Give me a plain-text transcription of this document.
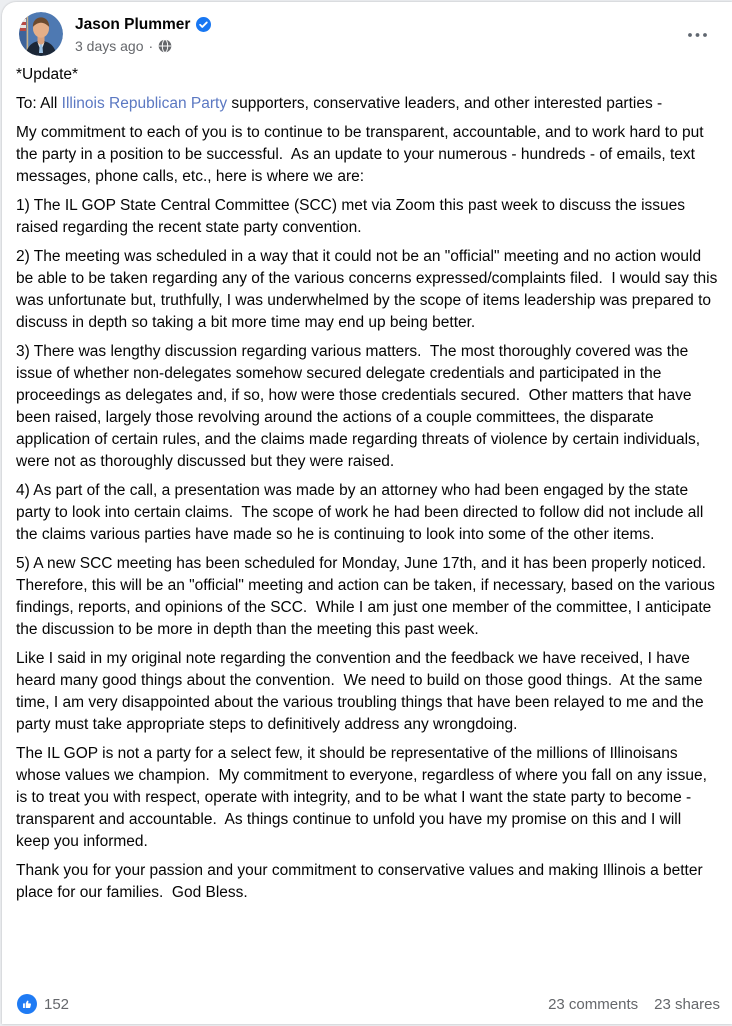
Jason Plummer
3 days ago ·

*Update*

To: All Illinois Republican Party supporters, conservative leaders, and other interested parties -

My commitment to each of you is to continue to be transparent, accountable, and to work hard to put the party in a position to be successful.  As an update to your numerous - hundreds - of emails, text messages, phone calls, etc., here is where we are:

1) The IL GOP State Central Committee (SCC) met via Zoom this past week to discuss the issues raised regarding the recent state party convention.

2) The meeting was scheduled in a way that it could not be an "official" meeting and no action would be able to be taken regarding any of the various concerns expressed/complaints filed.  I would say this was unfortunate but, truthfully, I was underwhelmed by the scope of items leadership was prepared to discuss in depth so taking a bit more time may end up being better.

3) There was lengthy discussion regarding various matters.  The most thoroughly covered was the issue of whether non-delegates somehow secured delegate credentials and participated in the proceedings as delegates and, if so, how were those credentials secured.  Other matters that have been raised, largely those revolving around the actions of a couple committees, the disparate application of certain rules, and the claims made regarding threats of violence by certain individuals, were not as thoroughly discussed but they were raised.

4) As part of the call, a presentation was made by an attorney who had been engaged by the state party to look into certain claims.  The scope of work he had been directed to follow did not include all the claims various parties have made so he is continuing to look into some of the other items.

5) A new SCC meeting has been scheduled for Monday, June 17th, and it has been properly noticed.  Therefore, this will be an "official" meeting and action can be taken, if necessary, based on the various findings, reports, and opinions of the SCC.  While I am just one member of the committee, I anticipate the discussion to be more in depth than the meeting this past week.

Like I said in my original note regarding the convention and the feedback we have received, I have heard many good things about the convention.  We need to build on those good things.  At the same time, I am very disappointed about the various troubling things that have been relayed to me and the party must take appropriate steps to definitively address any wrongdoing.

The IL GOP is not a party for a select few, it should be representative of the millions of Illinoisans whose values we champion.  My commitment to everyone, regardless of where you fall on any issue, is to treat you with respect, operate with integrity, and to be what I want the state party to become - transparent and accountable.  As things continue to unfold you have my promise on this and I will keep you informed.

Thank you for your passion and your commitment to conservative values and making Illinois a better place for our families.  God Bless.

152	23 comments 23 shares
